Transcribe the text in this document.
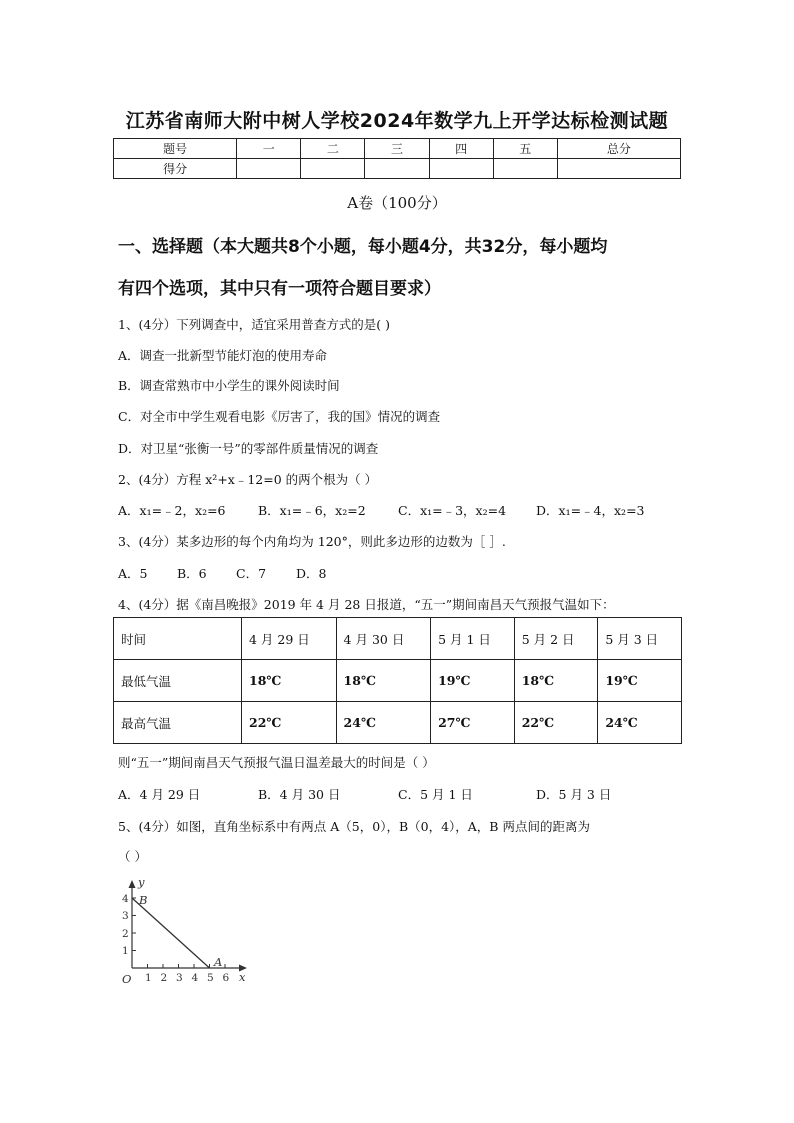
江苏省南师大附中树人学校2024年数学九上开学达标检测试题
题号	一	二	三	四	五	总分
得分						
A卷（100分）
一、选择题（本大题共8个小题，每小题4分，共32分，每小题均
有四个选项，其中只有一项符合题目要求）
1、(4分）下列调查中，适宜采用普查方式的是( )
A．调查一批新型节能灯泡的使用寿命
B．调查常熟市中小学生的课外阅读时间
C．对全市中学生观看电影《厉害了，我的国》情况的调查
D．对卫星“张衡一号”的零部件质量情况的调查
2、(4分）方程 x²+x﹣12=0 的两个根为（ ）
A．x₁=﹣2，x₂=6	B．x₁=﹣6，x₂=2	C．x₁=﹣3，x₂=4 D．x₁=﹣4，x₂=3
3、(4分）某多边形的每个内角均为 120°，则此多边形的边数为［ ］.
A．5 B．6 C．7 D．8
4、(4分）据《南昌晚报》2019 年 4 月 28 日报道，“五一”期间南昌天气预报气温如下：
时间	4 月 29 日	4 月 30 日	5 月 1 日	5 月 2 日	5 月 3 日
最低气温	18℃	18℃	19℃	18℃	19℃
最高气温	22℃	24℃	27℃	22℃	24℃
则“五一”期间南昌天气预报气温日温差最大的时间是（ ）
A．4 月 29 日	B．4 月 30 日	C．5 月 1 日	D．5 月 3 日
5、(4分）如图，直角坐标系中有两点 A（5，0），B（0，4），A，B 两点间的距离为
（ ）
1 2 3 4 5 6
1
2
3
4
O	x
y
B
A
